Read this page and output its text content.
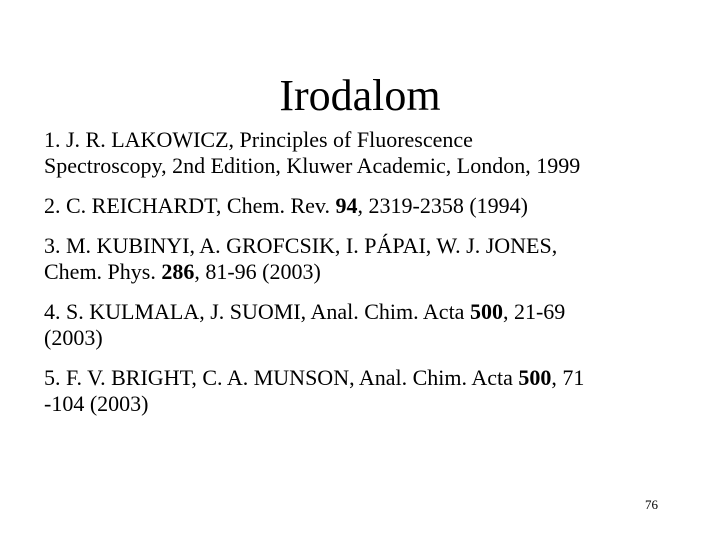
Irodalom
1. J. R. LAKOWICZ, Principles of Fluorescence
Spectroscopy, 2nd Edition, Kluwer Academic, London, 1999
2. C. REICHARDT, Chem. Rev. 94, 2319-2358 (1994)
3. M. KUBINYI, A. GROFCSIK, I. PÁPAI, W. J. JONES,
Chem. Phys. 286, 81-96 (2003)
4. S. KULMALA, J. SUOMI, Anal. Chim. Acta 500, 21-69
(2003)
5. F. V. BRIGHT, C. A. MUNSON, Anal. Chim. Acta 500, 71
-104 (2003)
76
